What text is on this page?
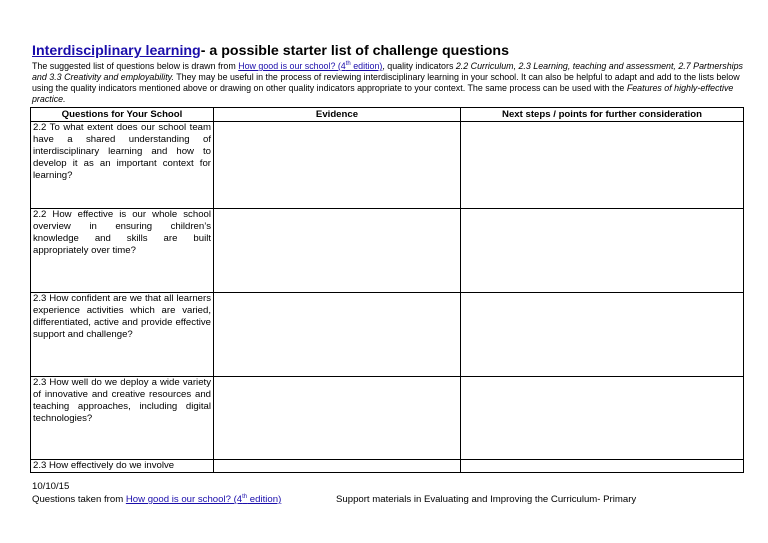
Interdisciplinary learning- a possible starter list of challenge questions
The suggested list of questions below is drawn from How good is our school? (4th edition), quality indicators 2.2 Curriculum, 2.3 Learning, teaching and assessment, 2.7 Partnerships and 3.3 Creativity and employability. They may be useful in the process of reviewing interdisciplinary learning in your school. It can also be helpful to adapt and add to the lists below using the quality indicators mentioned above or drawing on other quality indicators appropriate to your context. The same process can be used with the Features of highly-effective practice.
Questions for Your School	Evidence	Next steps / points for further consideration
2.2 To what extent does our school team have a shared understanding of interdisciplinary learning and how to develop it as an important context for learning?		
2.2 How effective is our whole school overview in ensuring children’s knowledge and skills are built appropriately over time?		
2.3 How confident are we that all learners experience activities which are varied, differentiated, active and provide effective support and challenge?		
2.3 How well do we deploy a wide variety of innovative and creative resources and teaching approaches, including digital technologies?		
2.3 How effectively do we involve		
10/10/15
Questions taken from How good is our school? (4th edition)	Support materials in Evaluating and Improving the Curriculum- Primary
